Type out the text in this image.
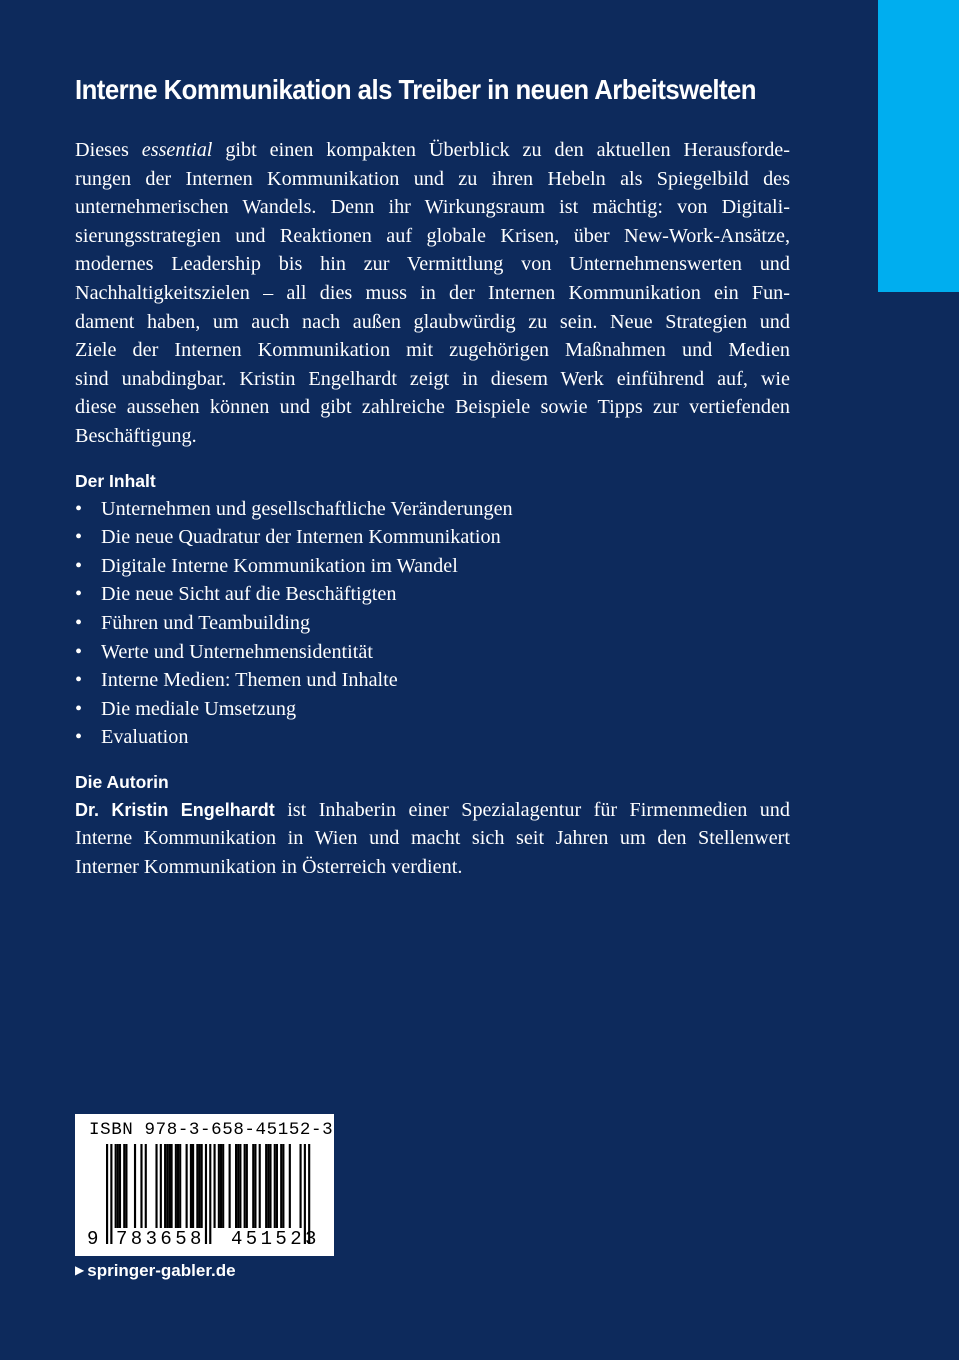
Interne Kommunikation als Treiber in neuen Arbeitswelten

Dieses essential gibt einen kompakten Überblick zu den aktuellen Herausforde-
rungen der Internen Kommunikation und zu ihren Hebeln als Spiegelbild des
unternehmerischen Wandels. Denn ihr Wirkungsraum ist mächtig: von Digitali-
sierungsstrategien und Reaktionen auf globale Krisen, über New-Work-Ansätze,
modernes Leadership bis hin zur Vermittlung von Unternehmenswerten und
Nachhaltigkeitszielen – all dies muss in der Internen Kommunikation ein Fun-
dament haben, um auch nach außen glaubwürdig zu sein. Neue Strategien und
Ziele der Internen Kommunikation mit zugehörigen Maßnahmen und Medien
sind unabdingbar. Kristin Engelhardt zeigt in diesem Werk einführend auf, wie
diese aussehen können und gibt zahlreiche Beispiele sowie Tipps zur vertiefenden
Beschäftigung.

Der Inhalt
• Unternehmen und gesellschaftliche Veränderungen
• Die neue Quadratur der Internen Kommunikation
• Digitale Interne Kommunikation im Wandel
• Die neue Sicht auf die Beschäftigten
• Führen und Teambuilding
• Werte und Unternehmensidentität
• Interne Medien: Themen und Inhalte
• Die mediale Umsetzung
• Evaluation
Die Autorin

Dr. Kristin Engelhardt ist Inhaberin einer Spezialagentur für Firmenmedien und
Interne Kommunikation in Wien und macht sich seit Jahren um den Stellenwert
Interner Kommunikation in Österreich verdient.

ISBN 978-3-658-45152-3
9 783658 451523
▶ springer-gabler.de
